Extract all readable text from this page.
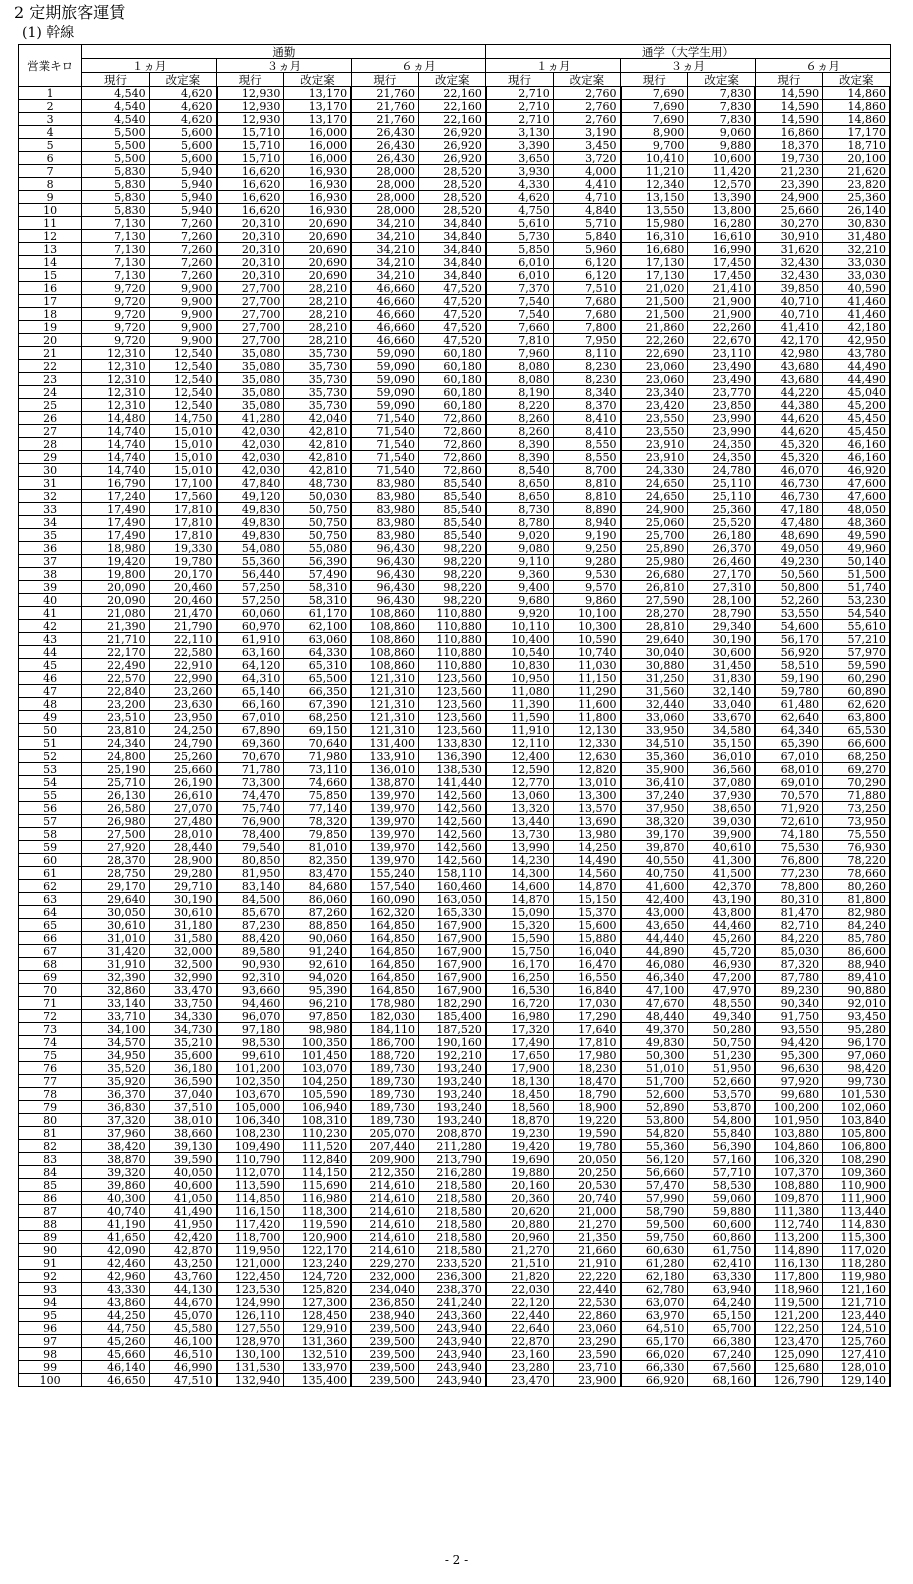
2 定期旅客運賃
(1) 幹線
営業キロ	通勤						通学（大学生用）					
	１ヵ月		３ヵ月		６ヵ月		１ヵ月		３ヵ月		６ヵ月	
	現行	改定案	現行	改定案	現行	改定案	現行	改定案	現行	改定案	現行	改定案
1	4,540	4,620	12,930	13,170	21,760	22,160	2,710	2,760	7,690	7,830	14,590	14,860
2	4,540	4,620	12,930	13,170	21,760	22,160	2,710	2,760	7,690	7,830	14,590	14,860
3	4,540	4,620	12,930	13,170	21,760	22,160	2,710	2,760	7,690	7,830	14,590	14,860
4	5,500	5,600	15,710	16,000	26,430	26,920	3,130	3,190	8,900	9,060	16,860	17,170
5	5,500	5,600	15,710	16,000	26,430	26,920	3,390	3,450	9,700	9,880	18,370	18,710
6	5,500	5,600	15,710	16,000	26,430	26,920	3,650	3,720	10,410	10,600	19,730	20,100
7	5,830	5,940	16,620	16,930	28,000	28,520	3,930	4,000	11,210	11,420	21,230	21,620
8	5,830	5,940	16,620	16,930	28,000	28,520	4,330	4,410	12,340	12,570	23,390	23,820
9	5,830	5,940	16,620	16,930	28,000	28,520	4,620	4,710	13,150	13,390	24,900	25,360
10	5,830	5,940	16,620	16,930	28,000	28,520	4,750	4,840	13,550	13,800	25,660	26,140
11	7,130	7,260	20,310	20,690	34,210	34,840	5,610	5,710	15,980	16,280	30,270	30,830
12	7,130	7,260	20,310	20,690	34,210	34,840	5,730	5,840	16,310	16,610	30,910	31,480
13	7,130	7,260	20,310	20,690	34,210	34,840	5,850	5,960	16,680	16,990	31,620	32,210
14	7,130	7,260	20,310	20,690	34,210	34,840	6,010	6,120	17,130	17,450	32,430	33,030
15	7,130	7,260	20,310	20,690	34,210	34,840	6,010	6,120	17,130	17,450	32,430	33,030
16	9,720	9,900	27,700	28,210	46,660	47,520	7,370	7,510	21,020	21,410	39,850	40,590
17	9,720	9,900	27,700	28,210	46,660	47,520	7,540	7,680	21,500	21,900	40,710	41,460
18	9,720	9,900	27,700	28,210	46,660	47,520	7,540	7,680	21,500	21,900	40,710	41,460
19	9,720	9,900	27,700	28,210	46,660	47,520	7,660	7,800	21,860	22,260	41,410	42,180
20	9,720	9,900	27,700	28,210	46,660	47,520	7,810	7,950	22,260	22,670	42,170	42,950
21	12,310	12,540	35,080	35,730	59,090	60,180	7,960	8,110	22,690	23,110	42,980	43,780
22	12,310	12,540	35,080	35,730	59,090	60,180	8,080	8,230	23,060	23,490	43,680	44,490
23	12,310	12,540	35,080	35,730	59,090	60,180	8,080	8,230	23,060	23,490	43,680	44,490
24	12,310	12,540	35,080	35,730	59,090	60,180	8,190	8,340	23,340	23,770	44,220	45,040
25	12,310	12,540	35,080	35,730	59,090	60,180	8,220	8,370	23,420	23,850	44,380	45,200
26	14,480	14,750	41,280	42,040	71,540	72,860	8,260	8,410	23,550	23,990	44,620	45,450
27	14,740	15,010	42,030	42,810	71,540	72,860	8,260	8,410	23,550	23,990	44,620	45,450
28	14,740	15,010	42,030	42,810	71,540	72,860	8,390	8,550	23,910	24,350	45,320	46,160
29	14,740	15,010	42,030	42,810	71,540	72,860	8,390	8,550	23,910	24,350	45,320	46,160
30	14,740	15,010	42,030	42,810	71,540	72,860	8,540	8,700	24,330	24,780	46,070	46,920
31	16,790	17,100	47,840	48,730	83,980	85,540	8,650	8,810	24,650	25,110	46,730	47,600
32	17,240	17,560	49,120	50,030	83,980	85,540	8,650	8,810	24,650	25,110	46,730	47,600
33	17,490	17,810	49,830	50,750	83,980	85,540	8,730	8,890	24,900	25,360	47,180	48,050
34	17,490	17,810	49,830	50,750	83,980	85,540	8,780	8,940	25,060	25,520	47,480	48,360
35	17,490	17,810	49,830	50,750	83,980	85,540	9,020	9,190	25,700	26,180	48,690	49,590
36	18,980	19,330	54,080	55,080	96,430	98,220	9,080	9,250	25,890	26,370	49,050	49,960
37	19,420	19,780	55,360	56,390	96,430	98,220	9,110	9,280	25,980	26,460	49,230	50,140
38	19,800	20,170	56,440	57,490	96,430	98,220	9,360	9,530	26,680	27,170	50,560	51,500
39	20,090	20,460	57,250	58,310	96,430	98,220	9,400	9,570	26,810	27,310	50,800	51,740
40	20,090	20,460	57,250	58,310	96,430	98,220	9,680	9,860	27,590	28,100	52,260	53,230
41	21,080	21,470	60,060	61,170	108,860	110,880	9,920	10,100	28,270	28,790	53,550	54,540
42	21,390	21,790	60,970	62,100	108,860	110,880	10,110	10,300	28,810	29,340	54,600	55,610
43	21,710	22,110	61,910	63,060	108,860	110,880	10,400	10,590	29,640	30,190	56,170	57,210
44	22,170	22,580	63,160	64,330	108,860	110,880	10,540	10,740	30,040	30,600	56,920	57,970
45	22,490	22,910	64,120	65,310	108,860	110,880	10,830	11,030	30,880	31,450	58,510	59,590
46	22,570	22,990	64,310	65,500	121,310	123,560	10,950	11,150	31,250	31,830	59,190	60,290
47	22,840	23,260	65,140	66,350	121,310	123,560	11,080	11,290	31,560	32,140	59,780	60,890
48	23,200	23,630	66,160	67,390	121,310	123,560	11,390	11,600	32,440	33,040	61,480	62,620
49	23,510	23,950	67,010	68,250	121,310	123,560	11,590	11,800	33,060	33,670	62,640	63,800
50	23,810	24,250	67,890	69,150	121,310	123,560	11,910	12,130	33,950	34,580	64,340	65,530
51	24,340	24,790	69,360	70,640	131,400	133,830	12,110	12,330	34,510	35,150	65,390	66,600
52	24,800	25,260	70,670	71,980	133,910	136,390	12,400	12,630	35,360	36,010	67,010	68,250
53	25,190	25,660	71,780	73,110	136,010	138,530	12,590	12,820	35,900	36,560	68,010	69,270
54	25,710	26,190	73,300	74,660	138,870	141,440	12,770	13,010	36,410	37,080	69,010	70,290
55	26,130	26,610	74,470	75,850	139,970	142,560	13,060	13,300	37,240	37,930	70,570	71,880
56	26,580	27,070	75,740	77,140	139,970	142,560	13,320	13,570	37,950	38,650	71,920	73,250
57	26,980	27,480	76,900	78,320	139,970	142,560	13,440	13,690	38,320	39,030	72,610	73,950
58	27,500	28,010	78,400	79,850	139,970	142,560	13,730	13,980	39,170	39,900	74,180	75,550
59	27,920	28,440	79,540	81,010	139,970	142,560	13,990	14,250	39,870	40,610	75,530	76,930
60	28,370	28,900	80,850	82,350	139,970	142,560	14,230	14,490	40,550	41,300	76,800	78,220
61	28,750	29,280	81,950	83,470	155,240	158,110	14,300	14,560	40,750	41,500	77,230	78,660
62	29,170	29,710	83,140	84,680	157,540	160,460	14,600	14,870	41,600	42,370	78,800	80,260
63	29,640	30,190	84,500	86,060	160,090	163,050	14,870	15,150	42,400	43,190	80,310	81,800
64	30,050	30,610	85,670	87,260	162,320	165,330	15,090	15,370	43,000	43,800	81,470	82,980
65	30,610	31,180	87,230	88,850	164,850	167,900	15,320	15,600	43,650	44,460	82,710	84,240
66	31,010	31,580	88,420	90,060	164,850	167,900	15,590	15,880	44,440	45,260	84,220	85,780
67	31,420	32,000	89,580	91,240	164,850	167,900	15,750	16,040	44,890	45,720	85,030	86,600
68	31,910	32,500	90,930	92,610	164,850	167,900	16,170	16,470	46,080	46,930	87,320	88,940
69	32,390	32,990	92,310	94,020	164,850	167,900	16,250	16,550	46,340	47,200	87,780	89,410
70	32,860	33,470	93,660	95,390	164,850	167,900	16,530	16,840	47,100	47,970	89,230	90,880
71	33,140	33,750	94,460	96,210	178,980	182,290	16,720	17,030	47,670	48,550	90,340	92,010
72	33,710	34,330	96,070	97,850	182,030	185,400	16,980	17,290	48,440	49,340	91,750	93,450
73	34,100	34,730	97,180	98,980	184,110	187,520	17,320	17,640	49,370	50,280	93,550	95,280
74	34,570	35,210	98,530	100,350	186,700	190,160	17,490	17,810	49,830	50,750	94,420	96,170
75	34,950	35,600	99,610	101,450	188,720	192,210	17,650	17,980	50,300	51,230	95,300	97,060
76	35,520	36,180	101,200	103,070	189,730	193,240	17,900	18,230	51,010	51,950	96,630	98,420
77	35,920	36,590	102,350	104,250	189,730	193,240	18,130	18,470	51,700	52,660	97,920	99,730
78	36,370	37,040	103,670	105,590	189,730	193,240	18,450	18,790	52,600	53,570	99,680	101,530
79	36,830	37,510	105,000	106,940	189,730	193,240	18,560	18,900	52,890	53,870	100,200	102,060
80	37,320	38,010	106,340	108,310	189,730	193,240	18,870	19,220	53,800	54,800	101,950	103,840
81	37,960	38,660	108,230	110,230	205,070	208,870	19,230	19,590	54,820	55,840	103,880	105,800
82	38,420	39,130	109,490	111,520	207,440	211,280	19,420	19,780	55,360	56,390	104,860	106,800
83	38,870	39,590	110,790	112,840	209,900	213,790	19,690	20,050	56,120	57,160	106,320	108,290
84	39,320	40,050	112,070	114,150	212,350	216,280	19,880	20,250	56,660	57,710	107,370	109,360
85	39,860	40,600	113,590	115,690	214,610	218,580	20,160	20,530	57,470	58,530	108,880	110,900
86	40,300	41,050	114,850	116,980	214,610	218,580	20,360	20,740	57,990	59,060	109,870	111,900
87	40,740	41,490	116,150	118,300	214,610	218,580	20,620	21,000	58,790	59,880	111,380	113,440
88	41,190	41,950	117,420	119,590	214,610	218,580	20,880	21,270	59,500	60,600	112,740	114,830
89	41,650	42,420	118,700	120,900	214,610	218,580	20,960	21,350	59,750	60,860	113,200	115,300
90	42,090	42,870	119,950	122,170	214,610	218,580	21,270	21,660	60,630	61,750	114,890	117,020
91	42,460	43,250	121,000	123,240	229,270	233,520	21,510	21,910	61,280	62,410	116,130	118,280
92	42,960	43,760	122,450	124,720	232,000	236,300	21,820	22,220	62,180	63,330	117,800	119,980
93	43,330	44,130	123,530	125,820	234,040	238,370	22,030	22,440	62,780	63,940	118,960	121,160
94	43,860	44,670	124,990	127,300	236,850	241,240	22,120	22,530	63,070	64,240	119,500	121,710
95	44,250	45,070	126,110	128,450	238,940	243,360	22,440	22,860	63,970	65,150	121,200	123,440
96	44,750	45,580	127,550	129,910	239,500	243,940	22,640	23,060	64,510	65,700	122,250	124,510
97	45,260	46,100	128,970	131,360	239,500	243,940	22,870	23,290	65,170	66,380	123,470	125,760
98	45,660	46,510	130,100	132,510	239,500	243,940	23,160	23,590	66,020	67,240	125,090	127,410
99	46,140	46,990	131,530	133,970	239,500	243,940	23,280	23,710	66,330	67,560	125,680	128,010
100	46,650	47,510	132,940	135,400	239,500	243,940	23,470	23,900	66,920	68,160	126,790	129,140
- 2 -
